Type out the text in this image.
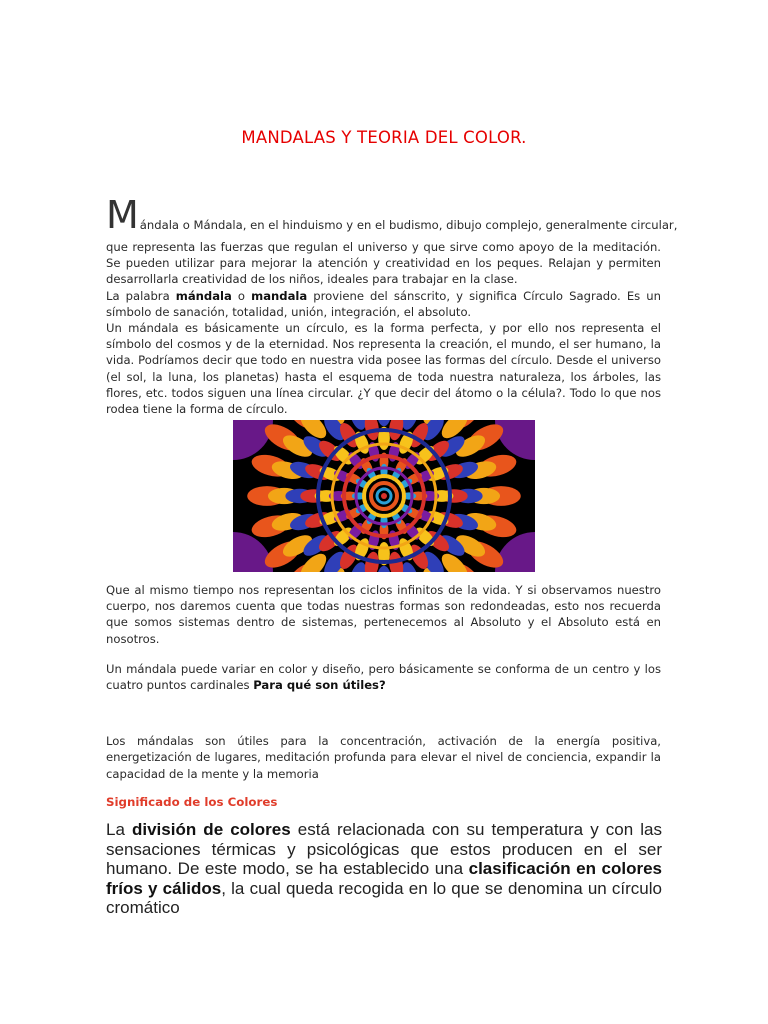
MANDALAS Y TEORIA DEL COLOR.
Mándala o Mándala, en el hinduismo y en el budismo, dibujo complejo, generalmente circular,

que representa las fuerzas que regulan el universo y que sirve como apoyo de la meditación. Se pueden utilizar para mejorar la atención y creatividad en los peques. Relajan y permiten desarrollarla creatividad de los niños, ideales para trabajar en la clase.

La palabra mándala o mandala proviene del sánscrito, y significa Círculo Sagrado. Es un símbolo de sanación, totalidad, unión, integración, el absoluto.

Un mándala es básicamente un círculo, es la forma perfecta, y por ello nos representa el símbolo del cosmos y de la eternidad. Nos representa la creación, el mundo, el ser humano, la vida. Podríamos decir que todo en nuestra vida posee las formas del círculo. Desde el universo (el sol, la luna, los planetas) hasta el esquema de toda nuestra naturaleza, los árboles, las flores, etc. todos siguen una línea circular. ¿Y que decir del átomo o la célula?. Todo lo que nos rodea tiene la forma de círculo.

Que al mismo tiempo nos representan los ciclos infinitos de la vida. Y si observamos nuestro cuerpo, nos daremos cuenta que todas nuestras formas son redondeadas, esto nos recuerda que somos sistemas dentro de sistemas, pertenecemos al Absoluto y el Absoluto está en nosotros.

Un mándala puede variar en color y diseño, pero básicamente se conforma de un centro y los cuatro puntos cardinales Para qué son útiles?

Los mándalas son útiles para la concentración, activación de la energía positiva, energetización de lugares, meditación profunda para elevar el nivel de conciencia, expandir la capacidad de la mente y la memoria

Significado de los Colores

La división de colores está relacionada con su temperatura y con las sensaciones térmicas y psicológicas que estos producen en el ser humano. De este modo, se ha establecido una clasificación en colores fríos y cálidos, la cual queda recogida en lo que se denomina un círculo cromático
